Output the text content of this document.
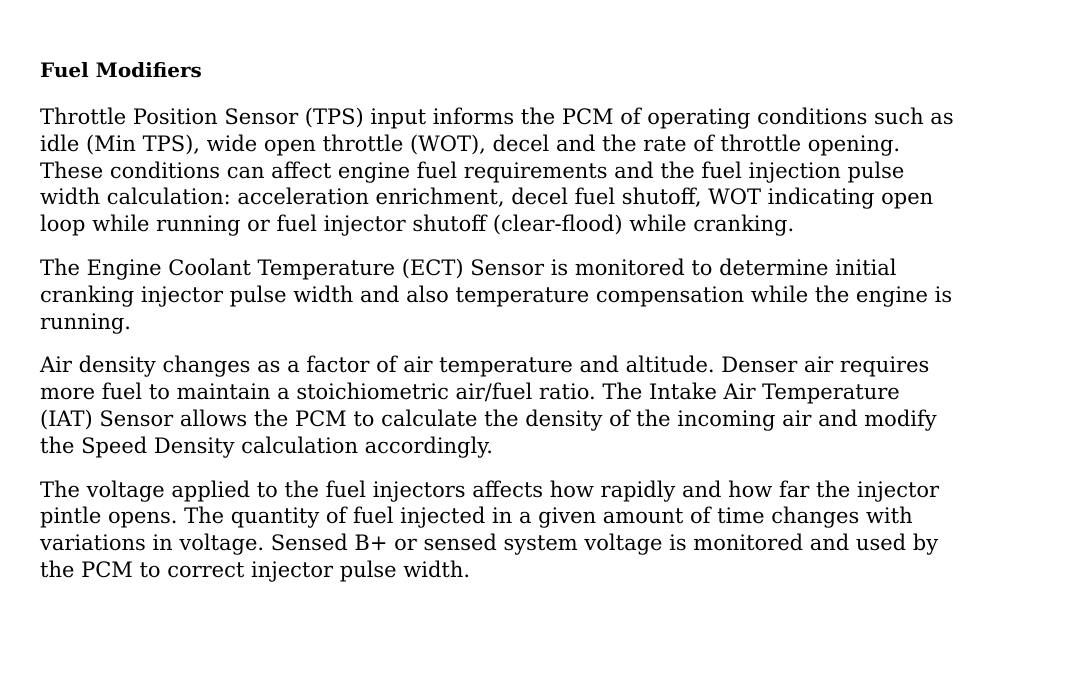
Fuel Modifiers
Throttle Position Sensor (TPS) input informs the PCM of operating conditions such as
idle (Min TPS), wide open throttle (WOT), decel and the rate of throttle opening.
These conditions can affect engine fuel requirements and the fuel injection pulse
width calculation: acceleration enrichment, decel fuel shutoff, WOT indicating open
loop while running or fuel injector shutoff (clear-flood) while cranking.
The Engine Coolant Temperature (ECT) Sensor is monitored to determine initial
cranking injector pulse width and also temperature compensation while the engine is
running.
Air density changes as a factor of air temperature and altitude. Denser air requires
more fuel to maintain a stoichiometric air/fuel ratio. The Intake Air Temperature
(IAT) Sensor allows the PCM to calculate the density of the incoming air and modify
the Speed Density calculation accordingly.
The voltage applied to the fuel injectors affects how rapidly and how far the injector
pintle opens. The quantity of fuel injected in a given amount of time changes with
variations in voltage. Sensed B+ or sensed system voltage is monitored and used by
the PCM to correct injector pulse width.
